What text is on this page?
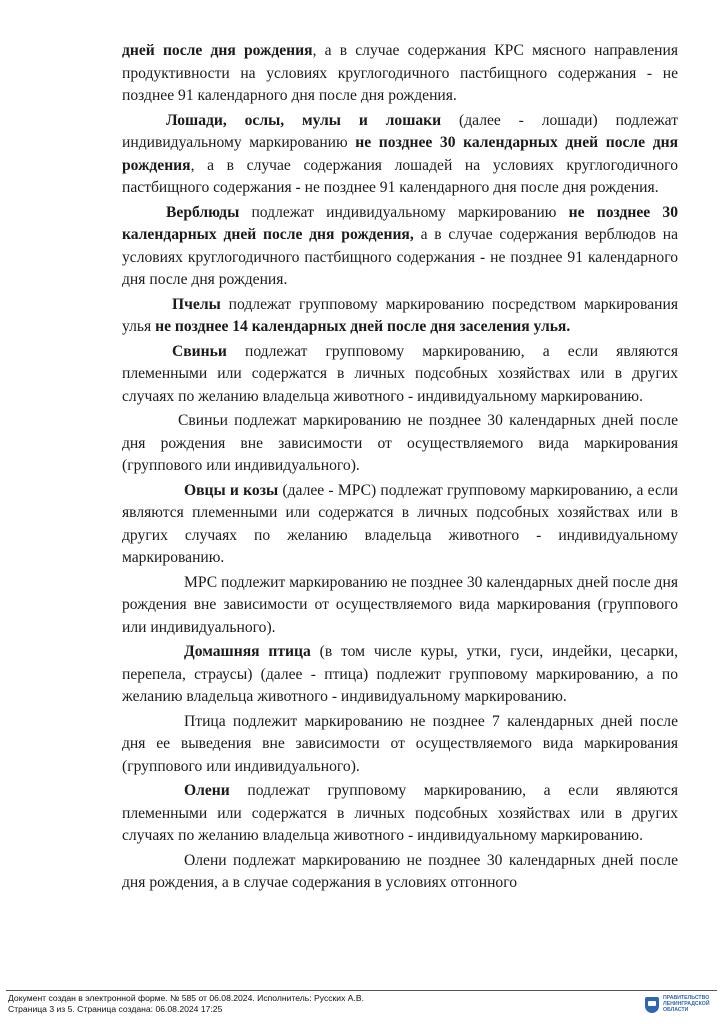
дней после дня рождения, а в случае содержания КРС мясного направления продуктивности на условиях круглогодичного пастбищного содержания - не позднее 91 календарного дня после дня рождения.

Лошади, ослы, мулы и лошаки (далее - лошади) подлежат индивидуальному маркированию не позднее 30 календарных дней после дня рождения, а в случае содержания лошадей на условиях круглогодичного пастбищного содержания - не позднее 91 календарного дня после дня рождения.

Верблюды подлежат индивидуальному маркированию не позднее 30 календарных дней после дня рождения, а в случае содержания верблюдов на условиях круглогодичного пастбищного содержания - не позднее 91 календарного дня после дня рождения.

Пчелы подлежат групповому маркированию посредством маркирования улья не позднее 14 календарных дней после дня заселения улья.

Свиньи подлежат групповому маркированию, а если являются племенными или содержатся в личных подсобных хозяйствах или в других случаях по желанию владельца животного - индивидуальному маркированию.

Свиньи подлежат маркированию не позднее 30 календарных дней после дня рождения вне зависимости от осуществляемого вида маркирования (группового или индивидуального).

Овцы и козы (далее - МРС) подлежат групповому маркированию, а если являются племенными или содержатся в личных подсобных хозяйствах или в других случаях по желанию владельца животного - индивидуальному маркированию.

МРС подлежит маркированию не позднее 30 календарных дней после дня рождения вне зависимости от осуществляемого вида маркирования (группового или индивидуального).

Домашняя птица (в том числе куры, утки, гуси, индейки, цесарки, перепела, страусы) (далее - птица) подлежит групповому маркированию, а по желанию владельца животного - индивидуальному маркированию.

Птица подлежит маркированию не позднее 7 календарных дней после дня ее выведения вне зависимости от осуществляемого вида маркирования (группового или индивидуального).

Олени подлежат групповому маркированию, а если являются племенными или содержатся в личных подсобных хозяйствах или в других случаях по желанию владельца животного - индивидуальному маркированию.

Олени подлежат маркированию не позднее 30 календарных дней после дня рождения, а в случае содержания в условиях отгонного

Документ создан в электронной форме. № 585 от 06.08.2024. Исполнитель: Русских А.В.
Страница 3 из 5. Страница создана: 06.08.2024 17:25
ПРАВИТЕЛЬСТВО ЛЕНИНГРАДСКОЙ ОБЛАСТИ
